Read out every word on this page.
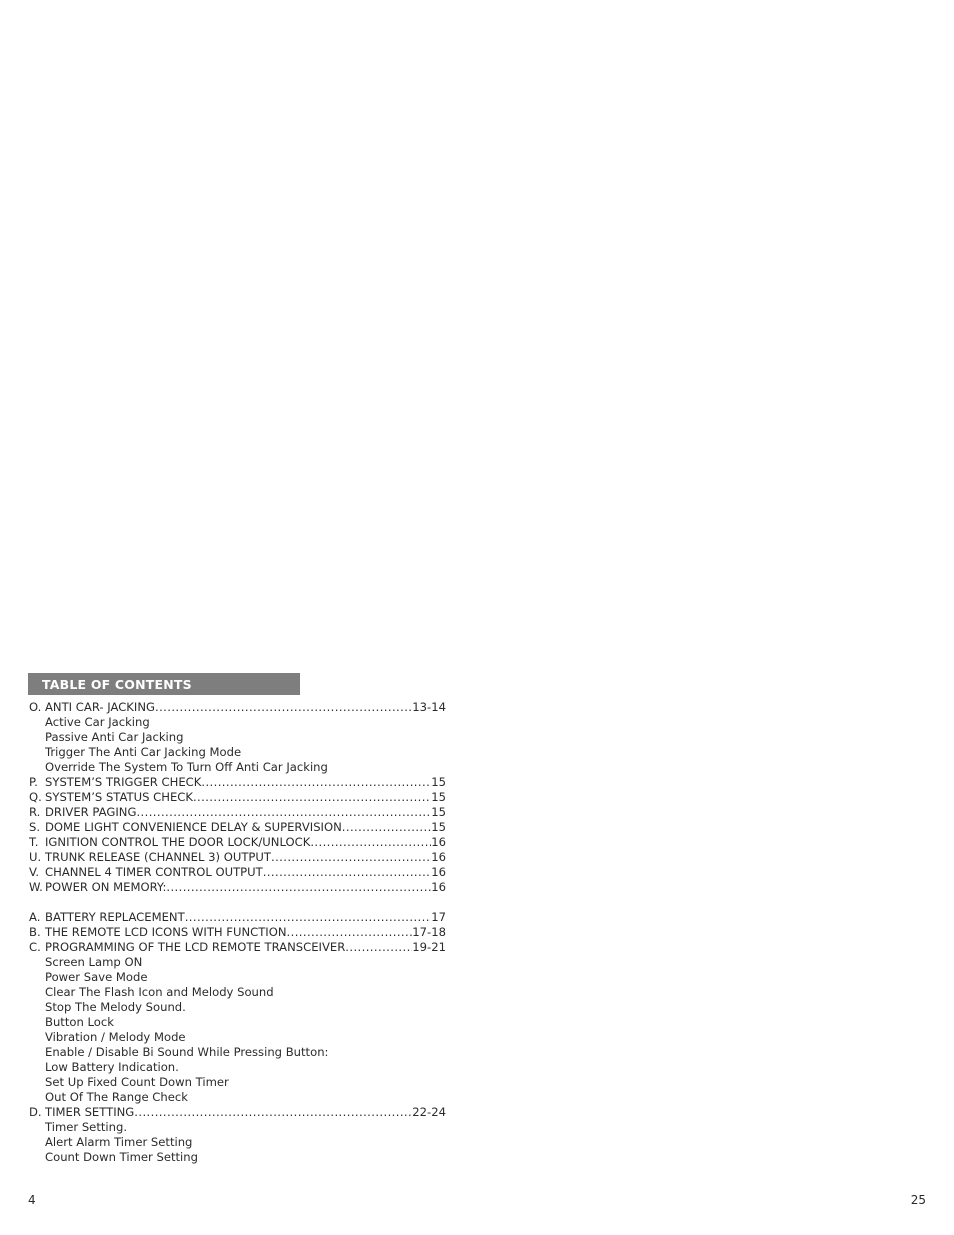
TABLE OF CONTENTS
O. ANTI CAR- JACKING .....	13-14
Active Car Jacking
Passive Anti Car Jacking
Trigger The Anti Car Jacking Mode
Override The System To Turn Off Anti Car Jacking
P. SYSTEM’S TRIGGER CHECK .....	15
Q. SYSTEM’S STATUS CHECK .....	15
R. DRIVER PAGING .....	15
S. DOME LIGHT CONVENIENCE DELAY & SUPERVISION .....	15
T. IGNITION CONTROL THE DOOR LOCK/UNLOCK .....	16
U. TRUNK RELEASE (CHANNEL 3) OUTPUT .....	16
V. CHANNEL 4 TIMER CONTROL OUTPUT .....	16
W. POWER ON MEMORY: .....	16
A. BATTERY REPLACEMENT .....	17
B. THE REMOTE LCD ICONS WITH FUNCTION .....	17-18
C. PROGRAMMING OF THE LCD REMOTE TRANSCEIVER .....	19-21
Screen Lamp ON
Power Save Mode
Clear The Flash Icon and Melody Sound
Stop The Melody Sound.
Button Lock
Vibration / Melody Mode
Enable / Disable Bi Sound While Pressing Button:
Low Battery Indication.
Set Up Fixed Count Down Timer
Out Of The Range Check
D. TIMER SETTING .....	22-24
Timer Setting.
Alert Alarm Timer Setting
Count Down Timer Setting
4	25
